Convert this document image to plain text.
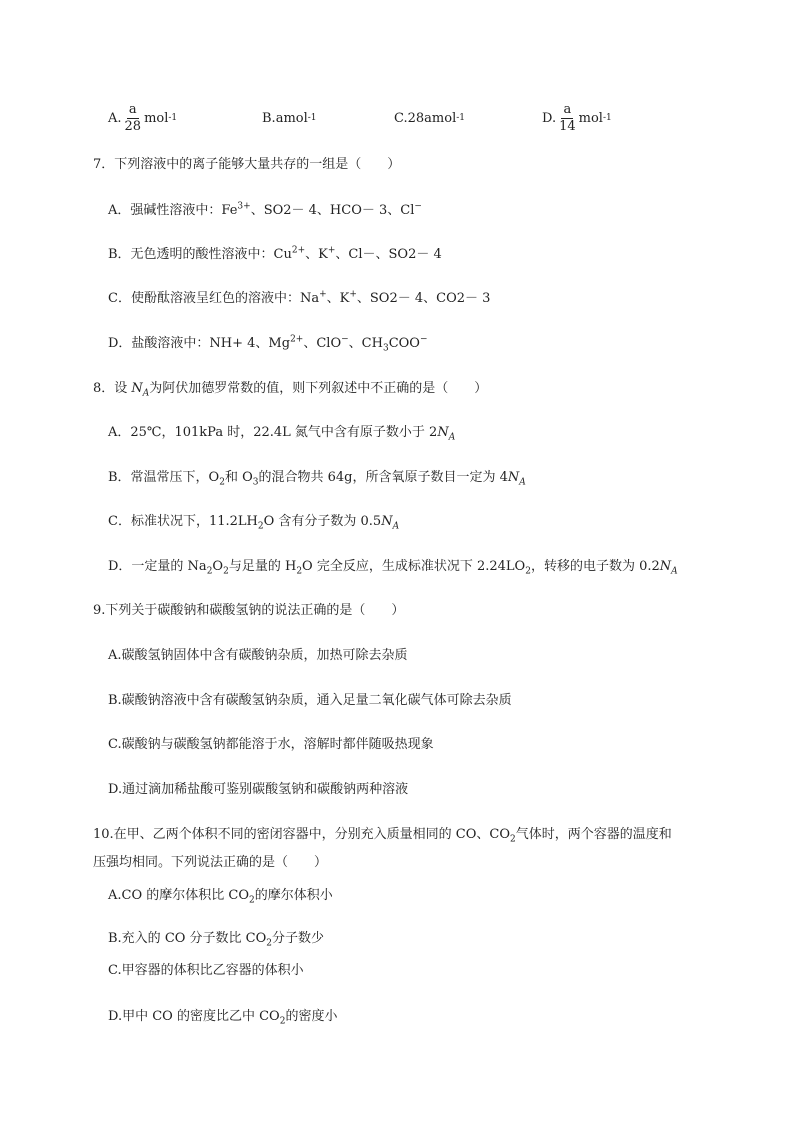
A. $\frac{a}{28}$ mol -1	B. amol -1	C. 28amol -1	D. $\frac{a}{14}$ mol -1
7．下列溶液中的离子能够大量共存的一组是（　　）
A．强碱性溶液中：$Fe^{3+}$、SO2－ 4、HCO－ 3、Cl−
B．无色透明的酸性溶液中：$Cu^{2+}$、K+、Cl－、SO2－ 4
C．使酚酞溶液呈红色的溶液中：Na+、K+、SO2－ 4、CO2－ 3
D．盐酸溶液中：NH+ 4、$Mg^{2+}$、ClO−、$CH_3COO^-$
8．设 $N_A$为阿伏加德罗常数的值，则下列叙述中不正确的是（　　）
A．25℃，101kPa 时，22.4L 氮气中含有原子数小于 $2N_A$
B．常温常压下，$O_2$和 $O_3$的混合物共 64g，所含氧原子数目一定为 $4N_A$
C．标准状况下，$11.2LH_2O$ 含有分子数为 $0.5N_A$
D．一定量的 $Na_2O_2$与足量的 $H_2O$ 完全反应，生成标准状况下 $2.24LO_2$，转移的电子数为 $0.2N_A$
9.下列关于碳酸钠和碳酸氢钠的说法正确的是（　　）
A.碳酸氢钠固体中含有碳酸钠杂质，加热可除去杂质
B.碳酸钠溶液中含有碳酸氢钠杂质，通入足量二氧化碳气体可除去杂质
C.碳酸钠与碳酸氢钠都能溶于水，溶解时都伴随吸热现象
D.通过滴加稀盐酸可鉴别碳酸氢钠和碳酸钠两种溶液
10.在甲、乙两个体积不同的密闭容器中，分别充入质量相同的 CO、$CO_2$气体时，两个容器的温度和
压强均相同。下列说法正确的是（　　）
A.CO 的摩尔体积比 $CO_2$的摩尔体积小
B.充入的 CO 分子数比 $CO_2$分子数少
C.甲容器的体积比乙容器的体积小
D.甲中 CO 的密度比乙中 $CO_2$的密度小
